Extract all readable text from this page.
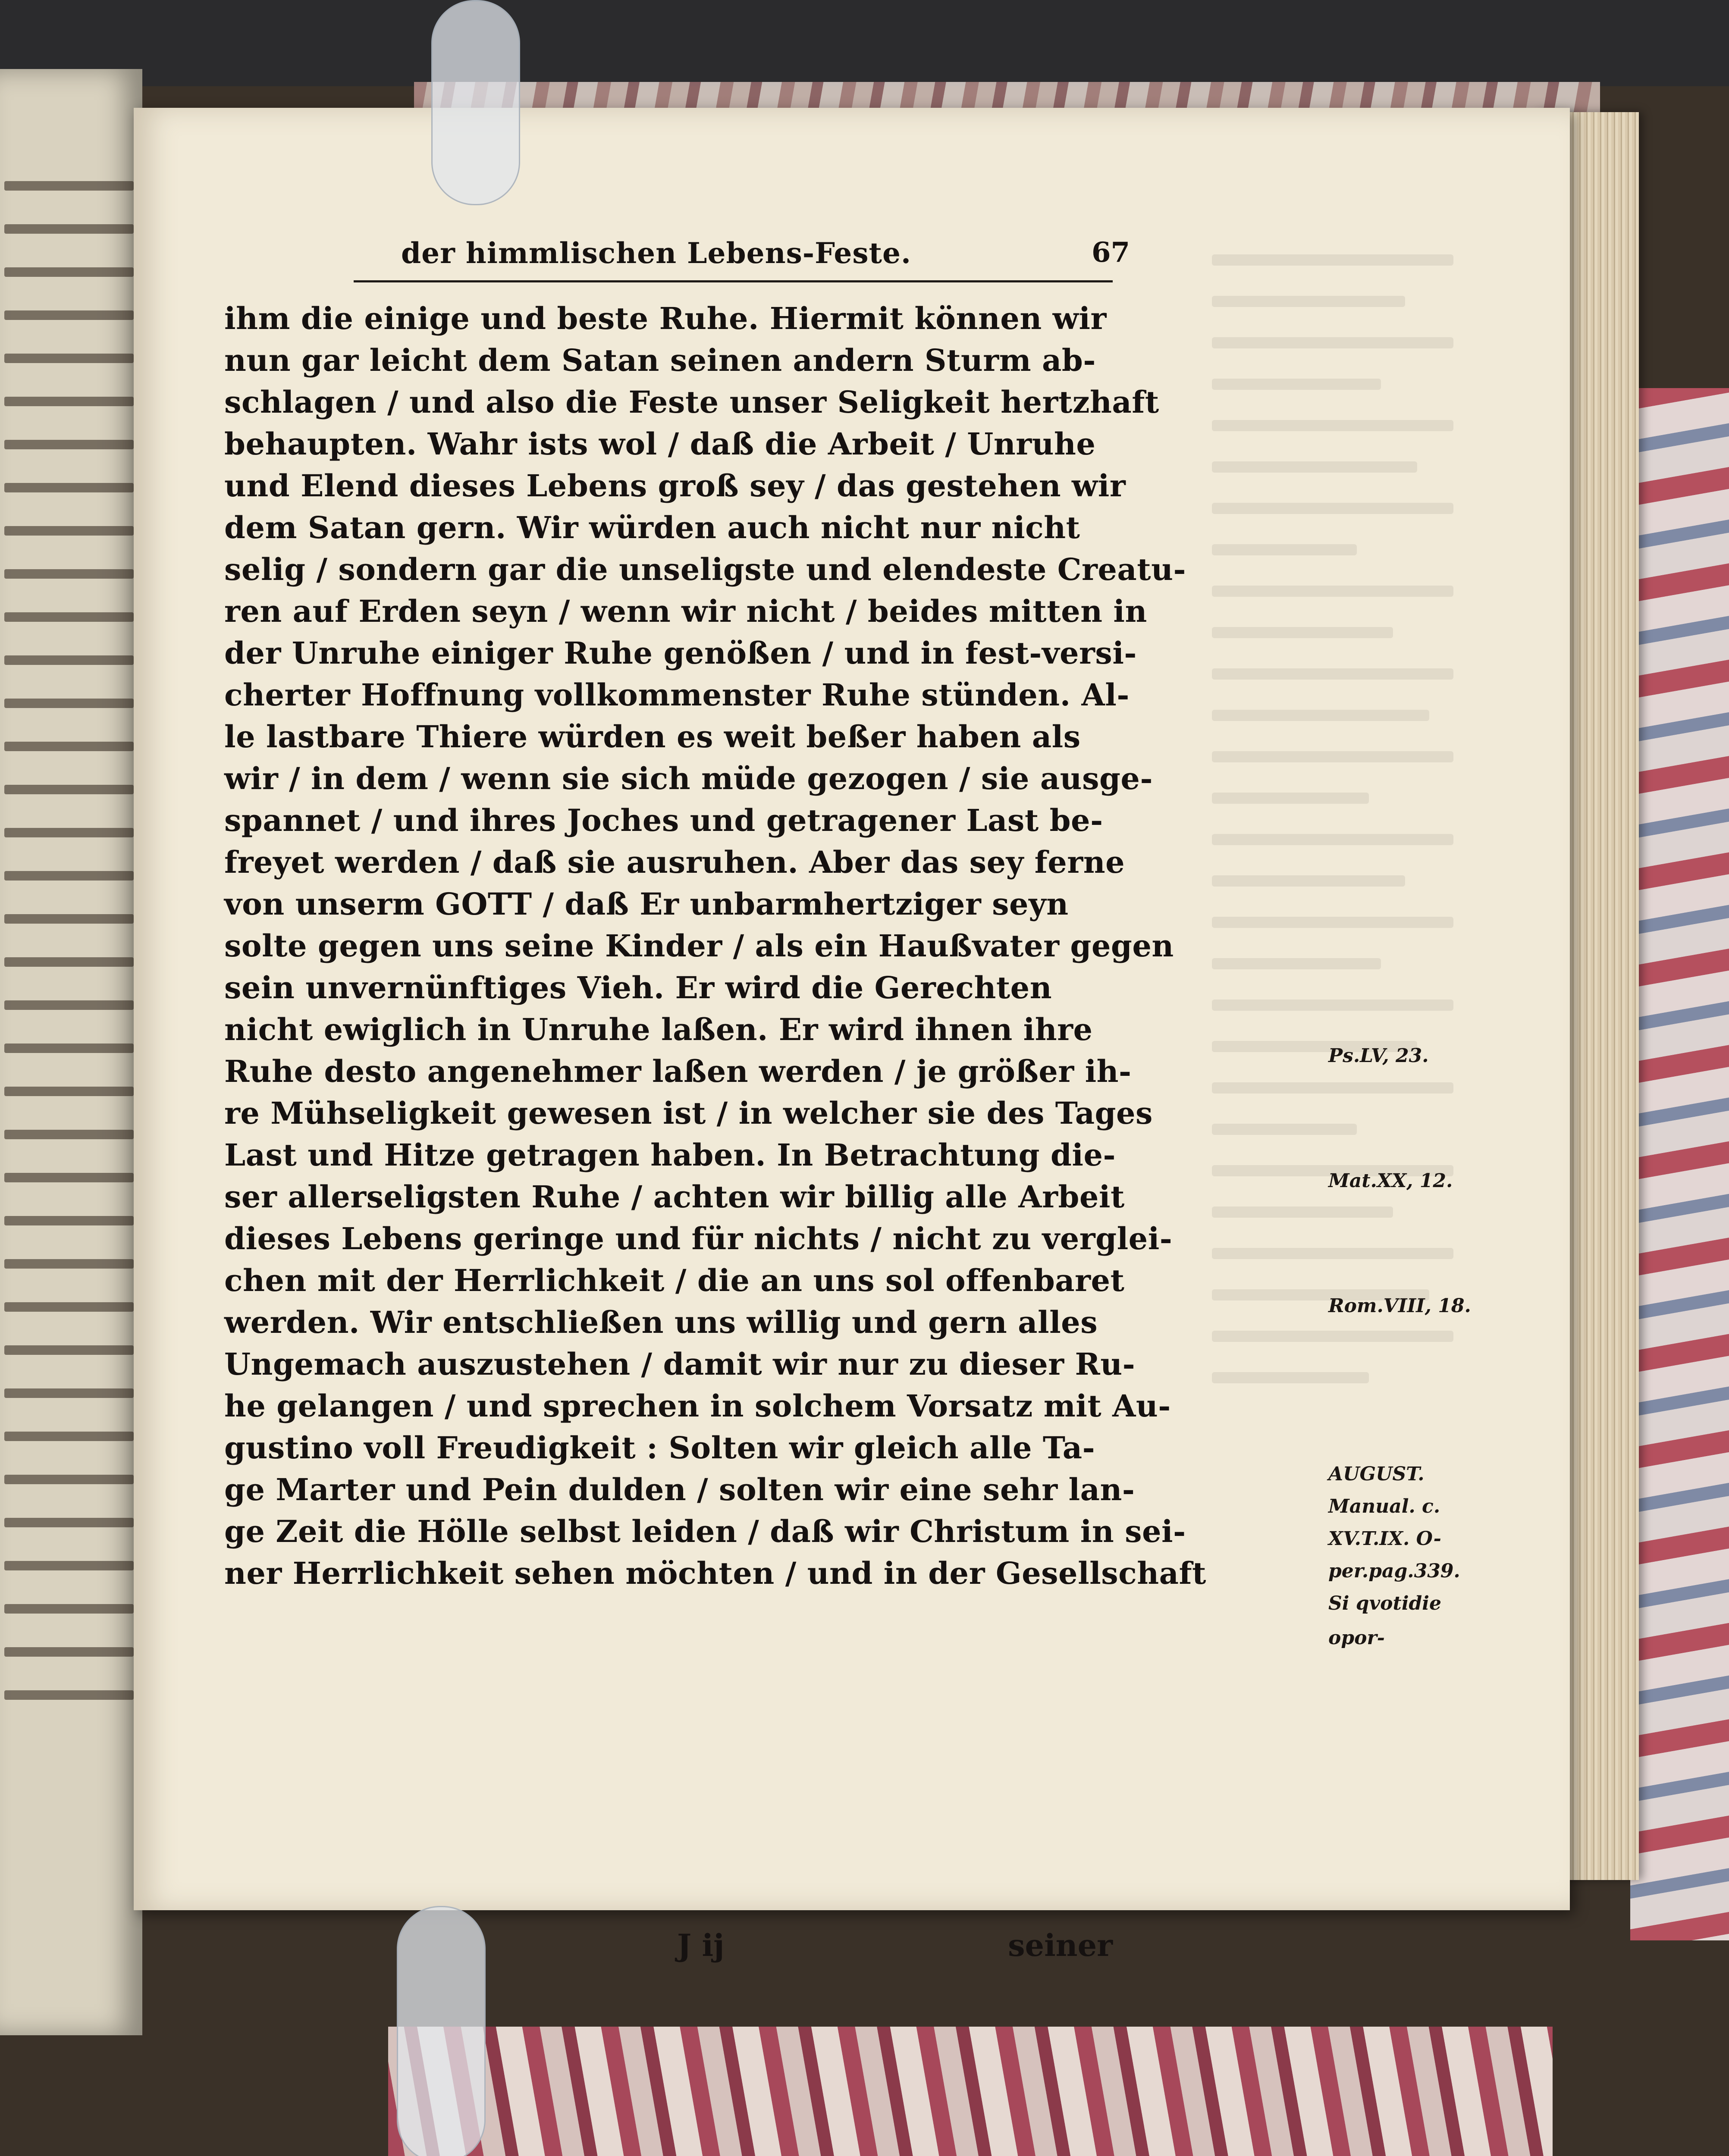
der himmlischen Lebens-Feste.	67
ihm die einige und beste Ruhe. Hiermit können wir
nun gar leicht dem Satan seinen andern Sturm ab-
schlagen / und also die Feste unser Seligkeit hertzhaft
behaupten. Wahr ists wol / daß die Arbeit / Unruhe
und Elend dieses Lebens groß sey / das gestehen wir
dem Satan gern. Wir würden auch nicht nur nicht
selig / sondern gar die unseligste und elendeste Creatu-
ren auf Erden seyn / wenn wir nicht / beides mitten in
der Unruhe einiger Ruhe genößen / und in fest-versi-
cherter Hoffnung vollkommenster Ruhe stünden. Al-
le lastbare Thiere würden es weit beßer haben als
wir / in dem / wenn sie sich müde gezogen / sie ausge-
spannet / und ihres Joches und getragener Last be-
freyet werden / daß sie ausruhen. Aber das sey ferne
von unserm GOTT / daß Er unbarmhertziger seyn
solte gegen uns seine Kinder / als ein Haußvater gegen
sein unvernünftiges Vieh. Er wird die Gerechten
nicht ewiglich in Unruhe laßen. Er wird ihnen ihre
Ruhe desto angenehmer laßen werden / je größer ih-
re Mühseligkeit gewesen ist / in welcher sie des Tages
Last und Hitze getragen haben. In Betrachtung die-
ser allerseligsten Ruhe / achten wir billig alle Arbeit
dieses Lebens geringe und für nichts / nicht zu verglei-
chen mit der Herrlichkeit / die an uns sol offenbaret
werden. Wir entschließen uns willig und gern alles
Ungemach auszustehen / damit wir nur zu dieser Ru-
he gelangen / und sprechen in solchem Vorsatz mit Au-
gustino voll Freudigkeit : Solten wir gleich alle Ta-
ge Marter und Pein dulden / solten wir eine sehr lan-
ge Zeit die Hölle selbst leiden / daß wir Christum in sei-
ner Herrlichkeit sehen möchten / und in der Gesellschaft
J ij	seiner
Ps.LV, 23.
Mat.XX, 12.
Rom.VIII, 18.
AUGUST.
Manual. c.
XV.T.IX. O-
per.pag.339.
Si qvotidie
opor-
